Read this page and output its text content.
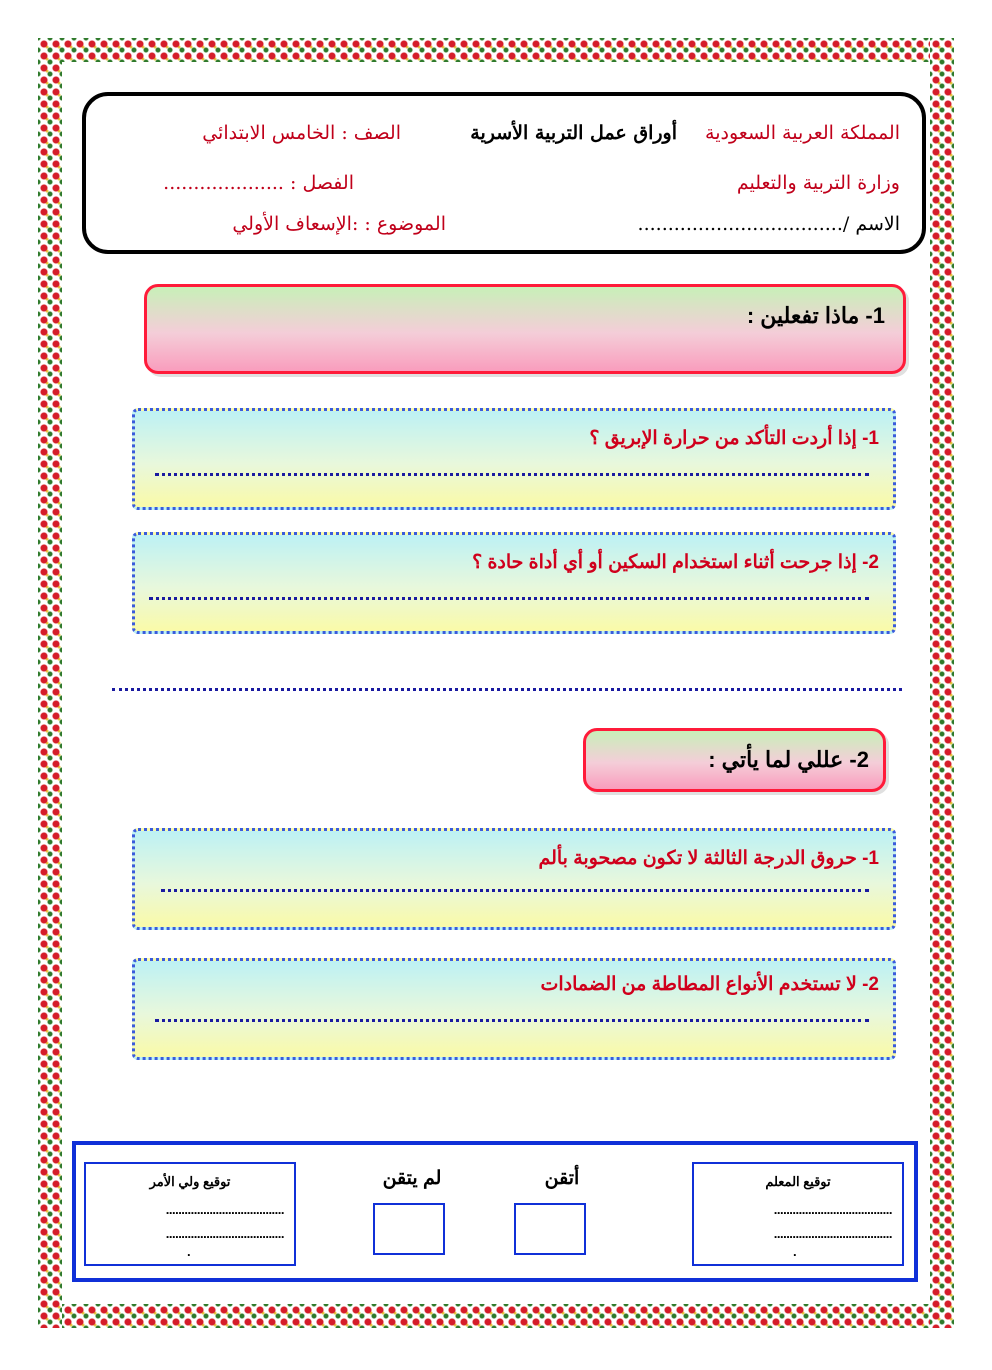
المملكة العربية السعودية
أوراق عمل التربية الأسرية
الصف : الخامس الابتدائي
وزارة التربية والتعليم
الفصل : ....................
الاسم /..................................
الموضوع : :الإسعاف الأولي
1- ماذا تفعلين :
1- إذا أردت التأكد من حرارة الإبريق ؟
2- إذا جرحت أثناء استخدام السكين أو أي أداة حادة ؟
2- عللي لما يأتي :
1- حروق الدرجة الثالثة لا تكون مصحوبة بألم
2- لا تستخدم الأنواع المطاطة من الضمادات
توقيع المعلم
......................................
......................................
.
أتقن
لم يتقن
توقيع ولي الأمر
......................................
......................................
.
